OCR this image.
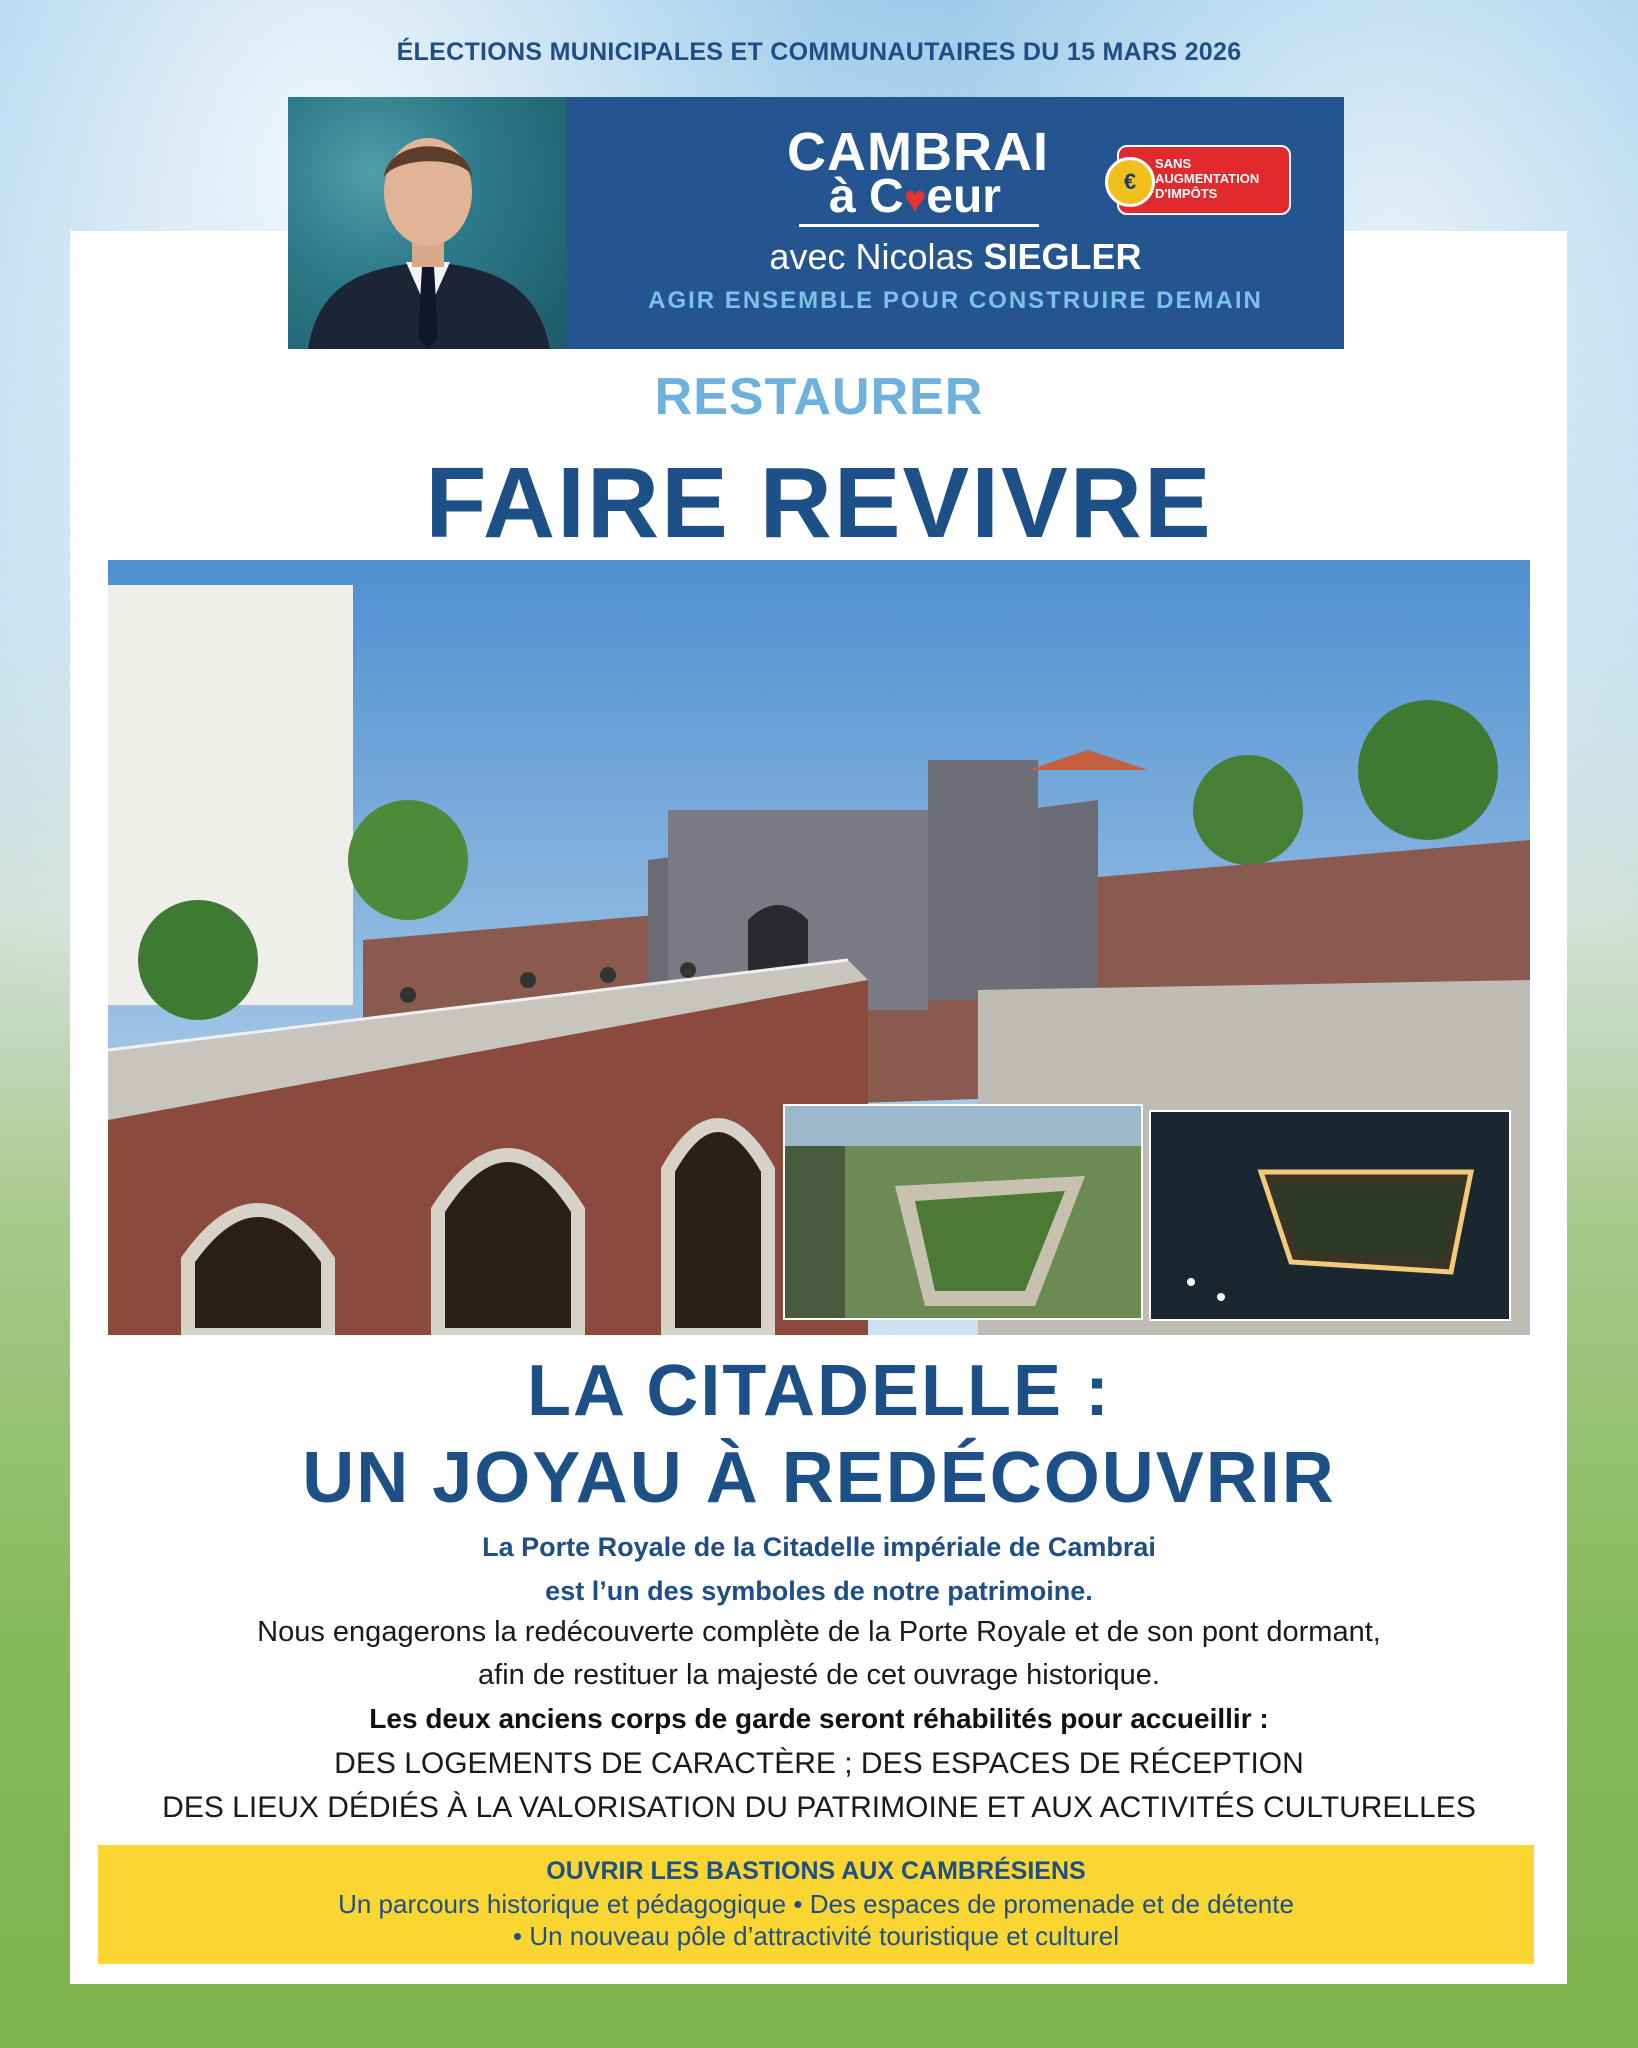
ÉLECTIONS MUNICIPALES ET COMMUNAUTAIRES DU 15 MARS 2026
CAMBRAI
à C♥eur	€
SANS
AUGMENTATION
D'IMPÔTS
avec Nicolas SIEGLER
AGIR ENSEMBLE POUR CONSTRUIRE DEMAIN
RESTAURER
FAIRE REVIVRE
LA CITADELLE :
UN JOYAU À REDÉCOUVRIR
La Porte Royale de la Citadelle impériale de Cambrai
est l’un des symboles de notre patrimoine.
Nous engagerons la redécouverte complète de la Porte Royale et de son pont dormant,
afin de restituer la majesté de cet ouvrage historique.
Les deux anciens corps de garde seront réhabilités pour accueillir :
DES LOGEMENTS DE CARACTÈRE ; DES ESPACES DE RÉCEPTION
DES LIEUX DÉDIÉS À LA VALORISATION DU PATRIMOINE ET AUX ACTIVITÉS CULTURELLES
OUVRIR LES BASTIONS AUX CAMBRÉSIENS
Un parcours historique et pédagogique • Des espaces de promenade et de détente
• Un nouveau pôle d’attractivité touristique et culturel
